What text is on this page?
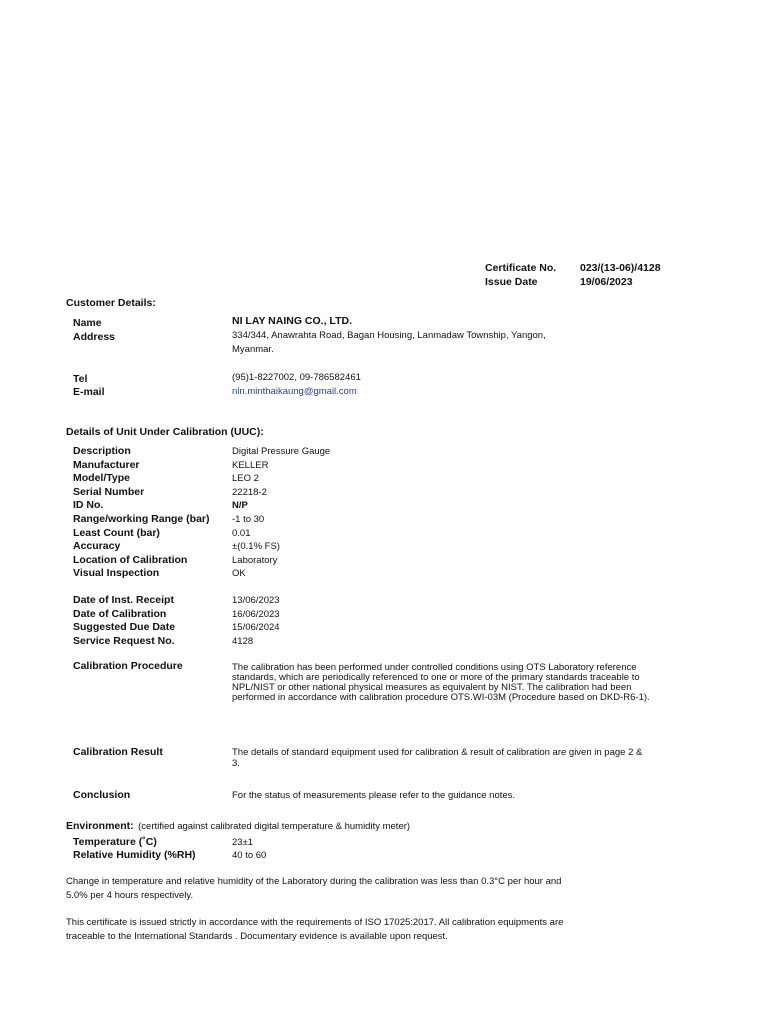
Certificate No. 023/(13-06)/4128
Issue Date	19/06/2023
Customer Details:
Name	NI LAY NAING CO., LTD.
Address	334/344, Anawrahta Road, Bagan Housing, Lanmadaw Township, Yangon,
Myanmar.
Tel	(95)1-8227002, 09-786582461
E-mail	nln.minthaikaung@gmail.com
Details of Unit Under Calibration (UUC):
Description	Digital Pressure Gauge
Manufacturer	KELLER
Model/Type	LEO 2
Serial Number	22218-2
ID No.	N/P
Range/working Range (bar) -1 to 30
Least Count (bar)	0.01
Accuracy	±(0.1% FS)
Location of Calibration	Laboratory
Visual Inspection	OK
Date of Inst. Receipt	13/06/2023
Date of Calibration	16/06/2023
Suggested Due Date	15/06/2024
Service Request No.	4128
Calibration Procedure	The calibration has been performed under controlled conditions using OTS Laboratory reference
standards, which are periodically referenced to one or more of the primary standards traceable to
NPL/NIST or other national physical measures as equivalent by NIST. The calibration had been
performed in accordance with calibration procedure OTS.WI-03M (Procedure based on DKD-R6-1).
Calibration Result	The details of standard equipment used for calibration & result of calibration are given in page 2 &
3.
Conclusion	For the status of measurements please refer to the guidance notes.
Environment: (certified against calibrated digital temperature & humidity meter)
Temperature (˚C)	23±1
Relative Humidity (%RH)	40 to 60
Change in temperature and relative humidity of the Laboratory during the calibration was less than 0.3°C per hour and
5.0% per 4 hours respectively.
This certificate is issued strictly in accordance with the requirements of ISO 17025:2017. All calibration equipments are
traceable to the International Standards . Documentary evidence is available upon request.
